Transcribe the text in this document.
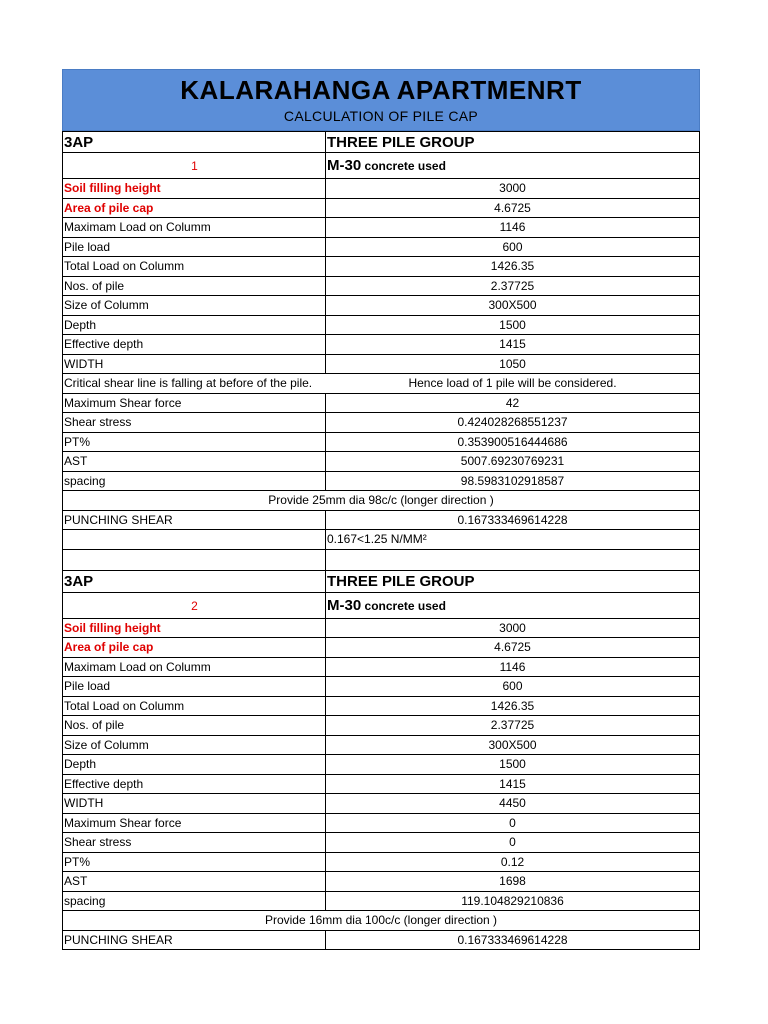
KALARAHANGA APARTMENRT
CALCULATION OF PILE CAP
3AP	THREE PILE GROUP
1	M-30 concrete used
Soil filling height	3000
Area of pile cap	4.6725
Maximam Load on Columm	1146
Pile load	600
Total Load on Columm	1426.35
Nos. of pile	2.37725
Size of Columm	300X500
Depth	1500
Effective depth	1415
WIDTH	1050
Critical shear line is falling at before of the pile.	Hence load of 1 pile will be considered.
Maximum Shear force	42
Shear stress	0.424028268551237
PT%	0.353900516444686
AST	5007.69230769231
spacing	98.5983102918587
Provide 25mm dia 98c/c (longer direction )
PUNCHING SHEAR	0.167333469614228
0.167<1.25 N/MM²
3AP	THREE PILE GROUP
2	M-30 concrete used
Soil filling height	3000
Area of pile cap	4.6725
Maximam Load on Columm	1146
Pile load	600
Total Load on Columm	1426.35
Nos. of pile	2.37725
Size of Columm	300X500
Depth	1500
Effective depth	1415
WIDTH	4450
Maximum Shear force	0
Shear stress	0
PT%	0.12
AST	1698
spacing	119.104829210836
Provide 16mm dia 100c/c (longer direction )
PUNCHING SHEAR	0.167333469614228
